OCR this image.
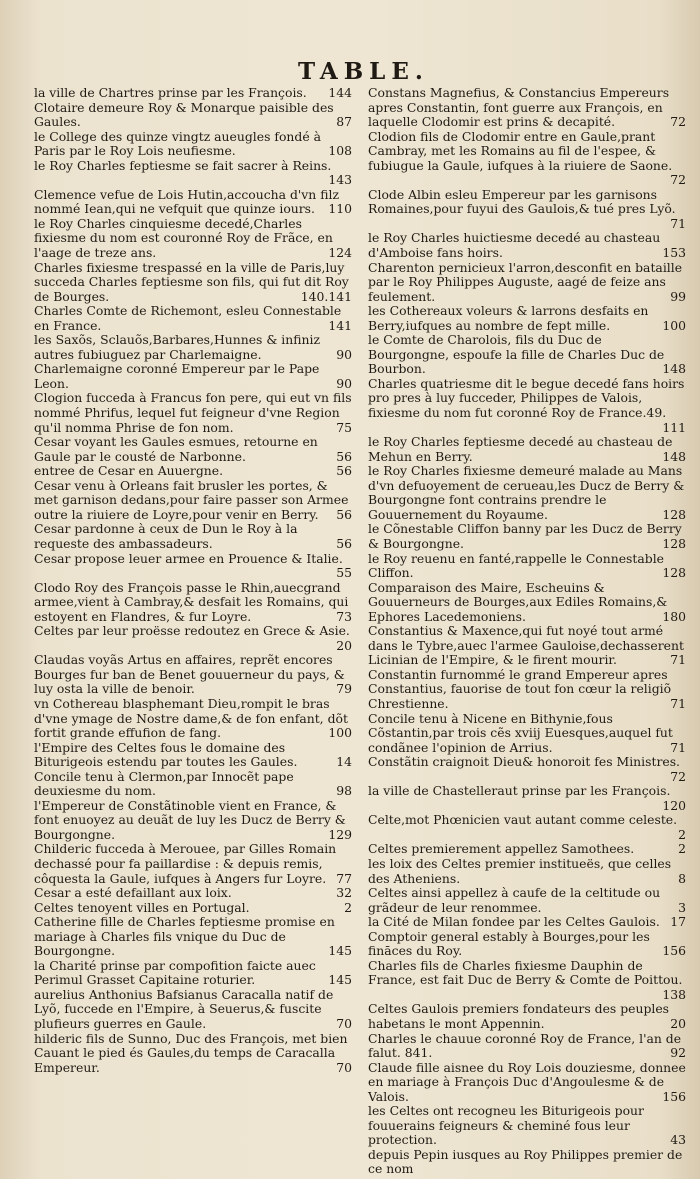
TABLE.
la ville de Chartres prinse par les François.	144
Clotaire demeure Roy & Monarque paisible des Gaules.	87
le College des quinze vingtz aueugles fondé à Paris par le Roy Lois neufiesme.	108
le Roy Charles feptiesme se fait sacrer à Reins.
143
Clemence vefue de Lois Hutin,accoucha d'vn filz nommé Iean,qui ne vefquit que quinze iours.	110
le Roy Charles cinquiesme decedé,Charles fixiesme du nom est couronné Roy de Frãce, en l'aage de treze ans.	124
Charles fixiesme trespassé en la ville de Paris,luy succeda Charles feptiesme son fils, qui fut dit Roy de Bourges.	140.141
Charles Comte de Richemont, esleu Connestable en France.	141
les Saxõs, Sclauõs,Barbares,Hunnes & infiniz autres fubiuguez par Charlemaigne.	90
Charlemaigne coronné Empereur par le Pape Leon.	90
Clogion fucceda à Francus fon pere, qui eut vn fils nommé Phrifus, lequel fut feigneur d'vne Region qu'il nomma Phrise de fon nom.	75
Cesar voyant les Gaules esmues, retourne en Gaule par le cousté de Narbonne.	56
entree de Cesar en Auuergne.	56
Cesar venu à Orleans fait brusler les portes, & met garnison dedans,pour faire passer son Armee outre la riuiere de Loyre,pour venir en Berry.	56
Cesar pardonne à ceux de Dun le Roy à la requeste des ambassadeurs.	56
Cesar propose leuer armee en Prouence & Italie.
55
Clodo Roy des François passe le Rhin,auecgrand armee,vient à Cambray,& desfait les Romains, qui estoyent en Flandres, & fur Loyre.	73
Celtes par leur proësse redoutez en Grece & Asie.
20
Claudas voyãs Artus en affaires, reprẽt encores Bourges fur ban de Benet gouuerneur du pays, & luy osta la ville de benoir.	79
vn Cothereau blasphemant Dieu,rompit le bras d'vne ymage de Nostre dame,& de fon enfant, dõt fortit grande effufion de fang.	100
l'Empire des Celtes fous le domaine des Biturigeois estendu par toutes les Gaules.	14
Concile tenu à Clermon,par Innocẽt pape deuxiesme du nom.	98
l'Empereur de Constãtinoble vient en France, & font enuoyez au deuãt de luy les Ducz de Berry & Bourgongne.	129
Childeric fucceda à Merouee, par Gilles Romain dechassé pour fa paillardise : & depuis remis, côquesta la Gaule, iufques à Angers fur Loyre. 77
Cesar a esté defaillant aux loix.	32
Celtes tenoyent villes en Portugal.	2
Catherine fille de Charles feptiesme promise en mariage à Charles fils vnique du Duc de Bourgongne.	145
la Charité prinse par compofition faicte auec Perimul Grasset Capitaine roturier.	145
aurelius Anthonius Bafsianus Caracalla natif de Lyõ, fuccede en l'Empire, à Seuerus,& fuscite plufieurs guerres en Gaule.	70
hilderic fils de Sunno, Duc des François, met bien Cauant le pied és Gaules,du temps de Caracalla Empereur.	70
Constans Magnefius, & Constancius Empereurs apres Constantin, font guerre aux François, en laquelle Clodomir est prins & decapité.	72
Clodion fils de Clodomir entre en Gaule,prant Cambray, met les Romains au fil de l'espee, & fubiugue la Gaule, iufques à la riuiere de Saone.
72
Clode Albin esleu Empereur par les garnisons Romaines,pour fuyui des Gaulois,& tué pres Lyõ.
71
le Roy Charles huictiesme decedé au chasteau d'Amboise fans hoirs.	153
Charenton pernicieux l'arron,desconfit en bataille par le Roy Philippes Auguste, aagé de feize ans feulement.	99
les Cothereaux voleurs & larrons desfaits en Berry,iufques au nombre de fept mille.	100
le Comte de Charolois, fils du Duc de Bourgongne, espoufe la fille de Charles Duc de Bourbon.	148
Charles quatriesme dit le begue decedé fans hoirs pro pres à luy fucceder, Philippes de Valois, fixiesme du nom fut coronné Roy de France.49.
111
le Roy Charles feptiesme decedé au chasteau de Mehun en Berry.	148
le Roy Charles fixiesme demeuré malade au Mans d'vn defuoyement de cerueau,les Ducz de Berry & Bourgongne font contrains prendre le Gouuernement du Royaume.	128
le Cõnestable Cliffon banny par les Ducz de Berry & Bourgongne.	128
le Roy reuenu en fanté,rappelle le Connestable Cliffon.	128
Comparaison des Maire, Escheuins & Gouuerneurs de Bourges,aux Ediles Romains,& Ephores Lacedemoniens.	180
Constantius & Maxence,qui fut noyé tout armé dans le Tybre,auec l'armee Gauloise,dechasserent Licinian de l'Empire, & le firent mourir.	71
Constantin furnommé le grand Empereur apres Constantius, fauorise de tout fon cœur la religiõ Chrestienne.	71
Concile tenu à Nicene en Bithynie,fous Cõstantin,par trois cẽs xviij Euesques,auquel fut condãnee l'opinion de Arrius.	71
Constãtin craignoit Dieu& honoroit fes Ministres.
72
la ville de Chastelleraut prinse par les François.
120
Celte,mot Phœnicien vaut autant comme celeste.
2
Celtes premierement appellez Samothees.	2
les loix des Celtes premier institueës, que celles des Atheniens.	8
Celtes ainsi appellez à caufe de la celtitude ou grãdeur de leur renommee.	3
la Cité de Milan fondee par les Celtes Gaulois. 17
Comptoir general estably à Bourges,pour les fināces du Roy.	156
Charles fils de Charles fixiesme Dauphin de France, est fait Duc de Berry & Comte de Poittou.
138
Celtes Gaulois premiers fondateurs des peuples habetans le mont Appennin.	20
Charles le chauue coronné Roy de France, l'an de falut. 841.	92
Claude fille aisnee du Roy Lois douziesme, donnee en mariage à François Duc d'Angoulesme & de Valois.	156
les Celtes ont recogneu les Biturigeois pour fouuerains feigneurs & cheminé fous leur protection.	43
depuis Pepin iusques au Roy Philippes premier de ce nom
